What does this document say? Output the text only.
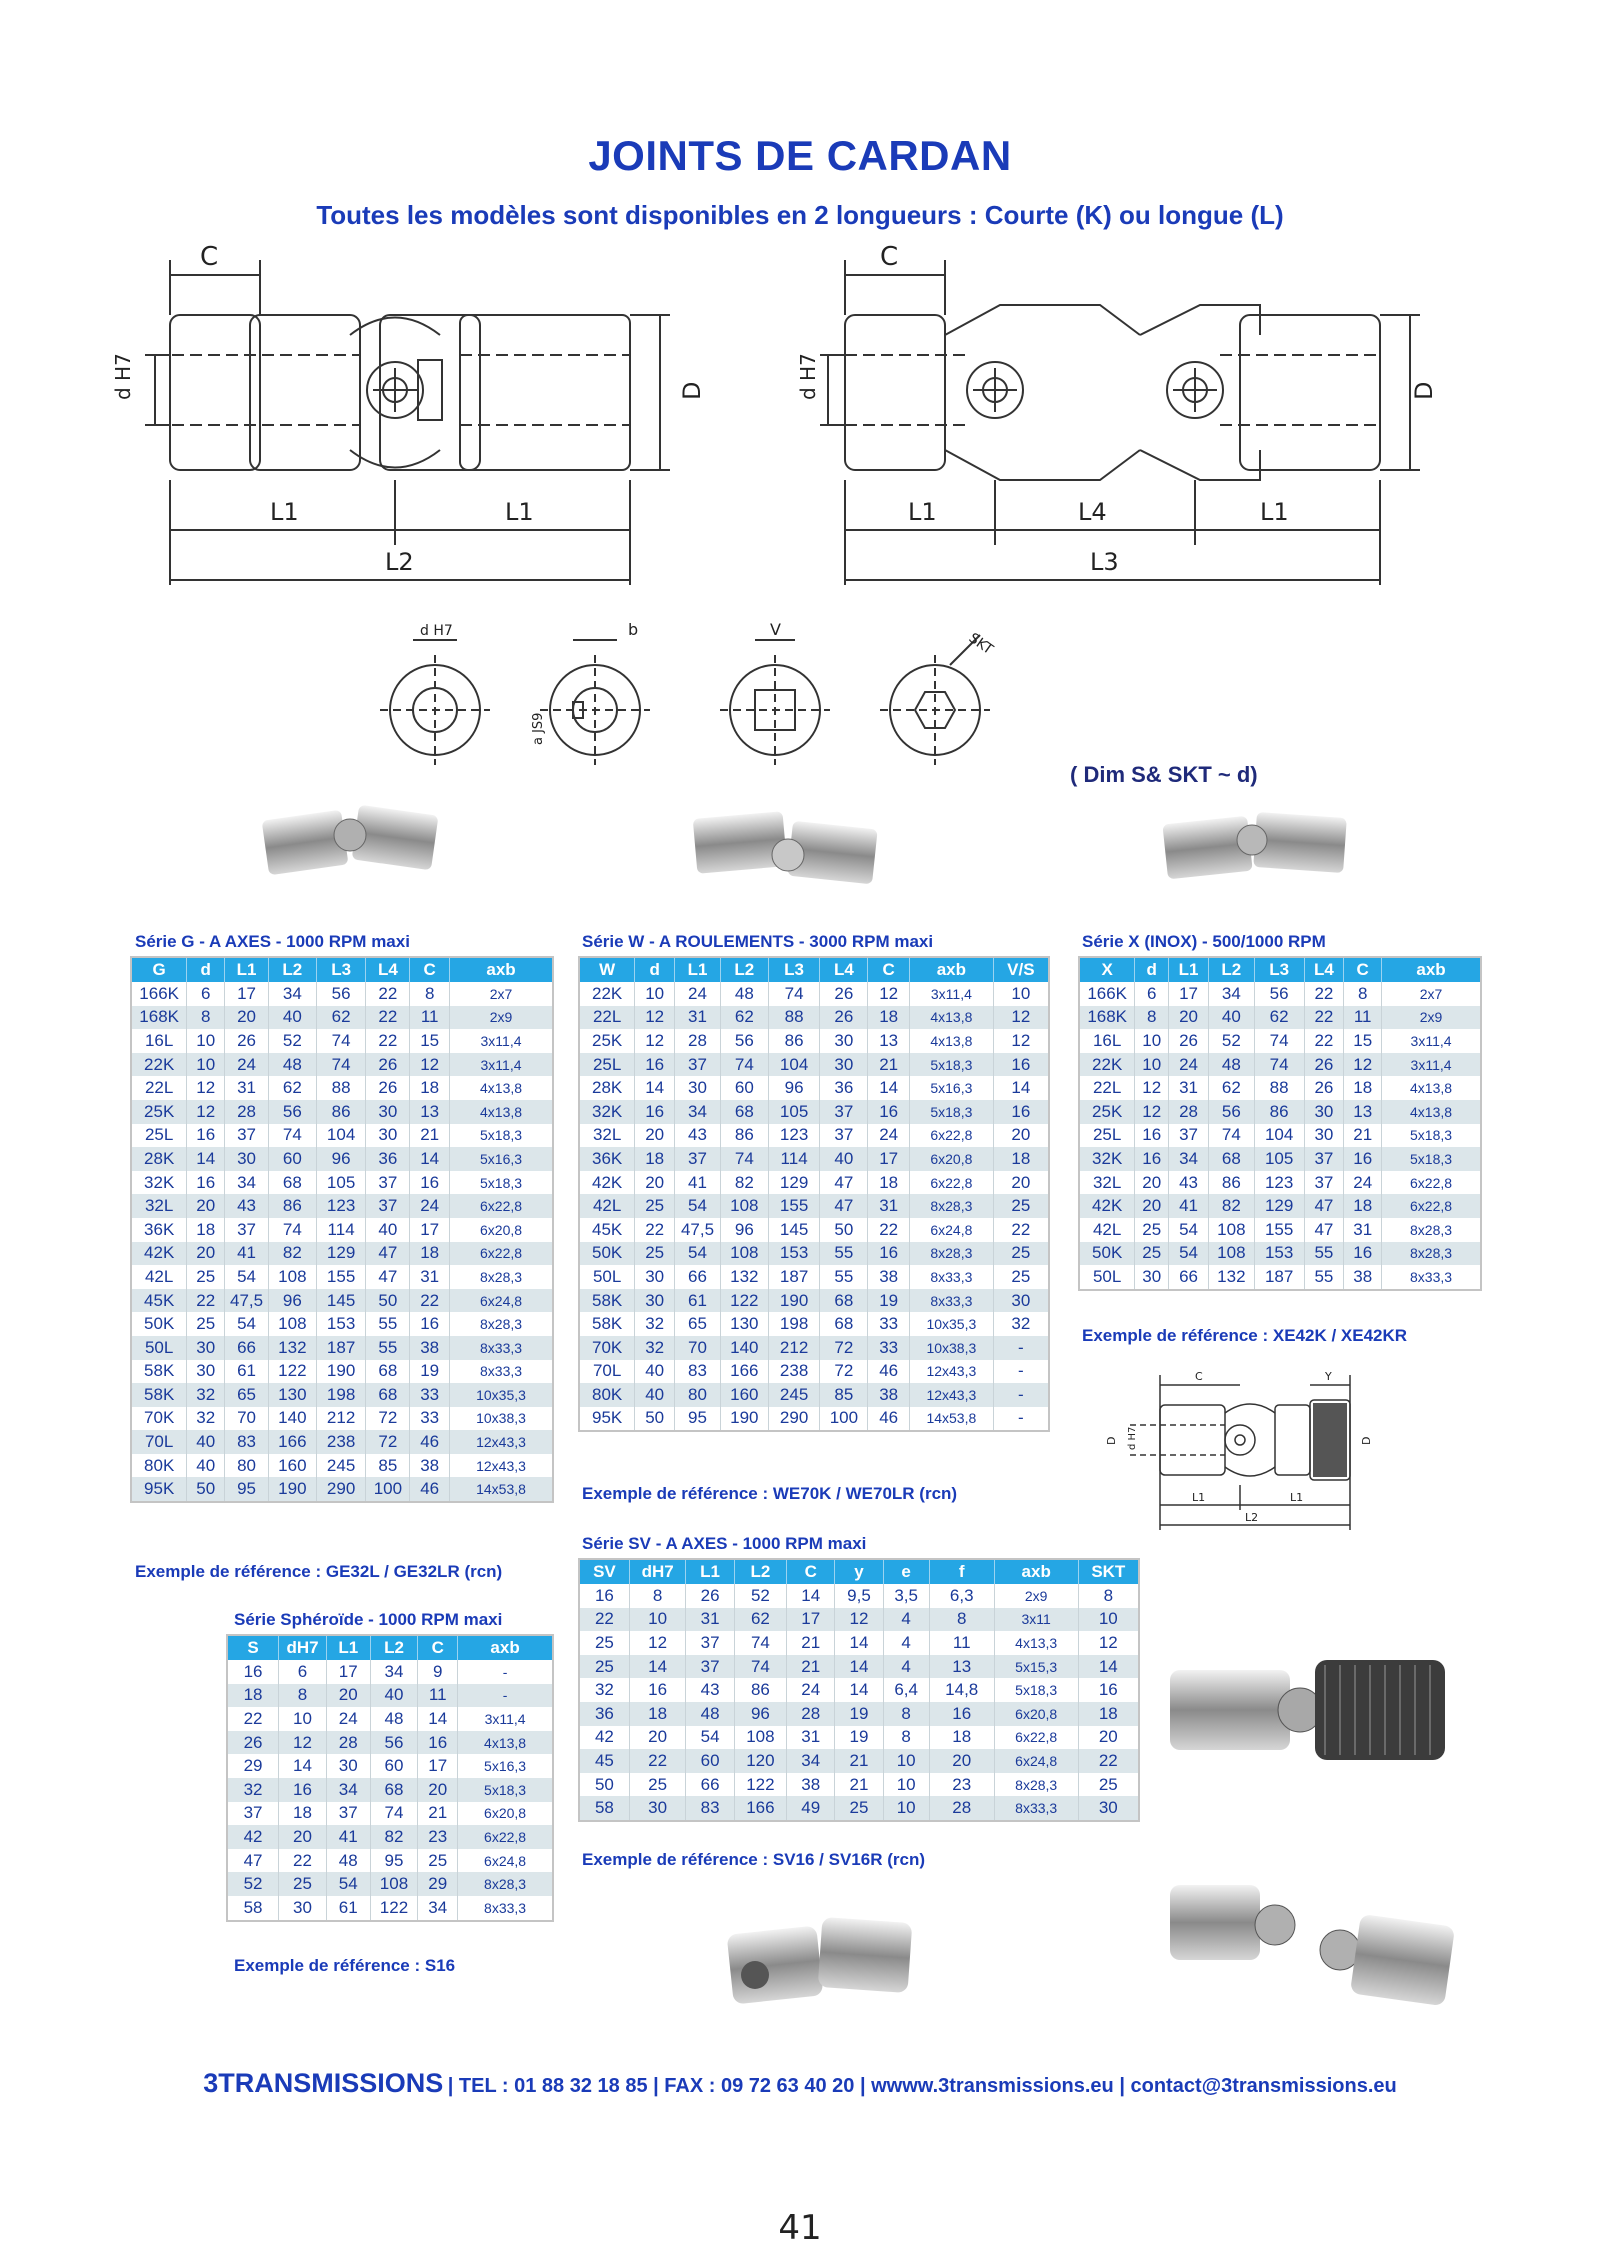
JOINTS DE CARDAN
Toutes les modèles sont disponibles en 2 longueurs : Courte (K) ou longue (L)
C
d H7	D
L1	L1
L2
C
d H7	D
L1	L4	L1
L3
d H7	b
a JS9
V
SKT
( Dim S& SKT ~ d)
Série G - A AXES - 1000 RPM maxi
G	d	L1	L2	L3	L4	C	axb
166K	6	17	34	56	22	8	2x7
168K	8	20	40	62	22	11	2x9
16L	10	26	52	74	22	15	3x11,4
22K	10	24	48	74	26	12	3x11,4
22L	12	31	62	88	26	18	4x13,8
25K	12	28	56	86	30	13	4x13,8
25L	16	37	74	104	30	21	5x18,3
28K	14	30	60	96	36	14	5x16,3
32K	16	34	68	105	37	16	5x18,3
32L	20	43	86	123	37	24	6x22,8
36K	18	37	74	114	40	17	6x20,8
42K	20	41	82	129	47	18	6x22,8
42L	25	54	108	155	47	31	8x28,3
45K	22	47,5	96	145	50	22	6x24,8
50K	25	54	108	153	55	16	8x28,3
50L	30	66	132	187	55	38	8x33,3
58K	30	61	122	190	68	19	8x33,3
58K	32	65	130	198	68	33	10x35,3
70K	32	70	140	212	72	33	10x38,3
70L	40	83	166	238	72	46	12x43,3
80K	40	80	160	245	85	38	12x43,3
95K	50	95	190	290	100	46	14x53,8
Exemple de référence : GE32L / GE32LR (rcn)
Série W - A ROULEMENTS - 3000 RPM maxi
W	d	L1	L2	L3	L4	C	axb	V/S
22K	10	24	48	74	26	12	3x11,4	10
22L	12	31	62	88	26	18	4x13,8	12
25K	12	28	56	86	30	13	4x13,8	12
25L	16	37	74	104	30	21	5x18,3	16
28K	14	30	60	96	36	14	5x16,3	14
32K	16	34	68	105	37	16	5x18,3	16
32L	20	43	86	123	37	24	6x22,8	20
36K	18	37	74	114	40	17	6x20,8	18
42K	20	41	82	129	47	18	6x22,8	20
42L	25	54	108	155	47	31	8x28,3	25
45K	22	47,5	96	145	50	22	6x24,8	22
50K	25	54	108	153	55	16	8x28,3	25
50L	30	66	132	187	55	38	8x33,3	25
58K	30	61	122	190	68	19	8x33,3	30
58K	32	65	130	198	68	33	10x35,3	32
70K	32	70	140	212	72	33	10x38,3	-
70L	40	83	166	238	72	46	12x43,3	-
80K	40	80	160	245	85	38	12x43,3	-
95K	50	95	190	290	100	46	14x53,8	-
Exemple de référence : WE70K / WE70LR (rcn)
Série X (INOX) - 500/1000 RPM
X	d	L1	L2	L3	L4	C	axb
166K	6	17	34	56	22	8	2x7
168K	8	20	40	62	22	11	2x9
16L	10	26	52	74	22	15	3x11,4
22K	10	24	48	74	26	12	3x11,4
22L	12	31	62	88	26	18	4x13,8
25K	12	28	56	86	30	13	4x13,8
25L	16	37	74	104	30	21	5x18,3
32K	16	34	68	105	37	16	5x18,3
32L	20	43	86	123	37	24	6x22,8
42K	20	41	82	129	47	18	6x22,8
42L	25	54	108	155	47	31	8x28,3
50K	25	54	108	153	55	16	8x28,3
50L	30	66	132	187	55	38	8x33,3
Exemple de référence : XE42K / XE42KR
C	Y
D d H7	D
L1	L1
L2
Série SV - A AXES - 1000 RPM maxi
SV	dH7	L1	L2	C	y	e	f	axb	SKT
16	8	26	52	14	9,5	3,5	6,3	2x9	8
22	10	31	62	17	12	4	8	3x11	10
25	12	37	74	21	14	4	11	4x13,3	12
25	14	37	74	21	14	4	13	5x15,3	14
32	16	43	86	24	14	6,4	14,8	5x18,3	16
36	18	48	96	28	19	8	16	6x20,8	18
42	20	54	108	31	19	8	18	6x22,8	20
45	22	60	120	34	21	10	20	6x24,8	22
50	25	66	122	38	21	10	23	8x28,3	25
58	30	83	166	49	25	10	28	8x33,3	30
Exemple de référence : SV16 / SV16R (rcn)
Série Sphéroïde - 1000 RPM maxi
S	dH7	L1	L2	C	axb
16	6	17	34	9	-
18	8	20	40	11	-
22	10	24	48	14	3x11,4
26	12	28	56	16	4x13,8
29	14	30	60	17	5x16,3
32	16	34	68	20	5x18,3
37	18	37	74	21	6x20,8
42	20	41	82	23	6x22,8
47	22	48	95	25	6x24,8
52	25	54	108	29	8x28,3
58	30	61	122	34	8x33,3
Exemple de référence : S16
3TRANSMISSIONS | TEL : 01 88 32 18 85 | FAX : 09 72 63 40 20 | wwww.3transmissions.eu | contact@3transmissions.eu
41
